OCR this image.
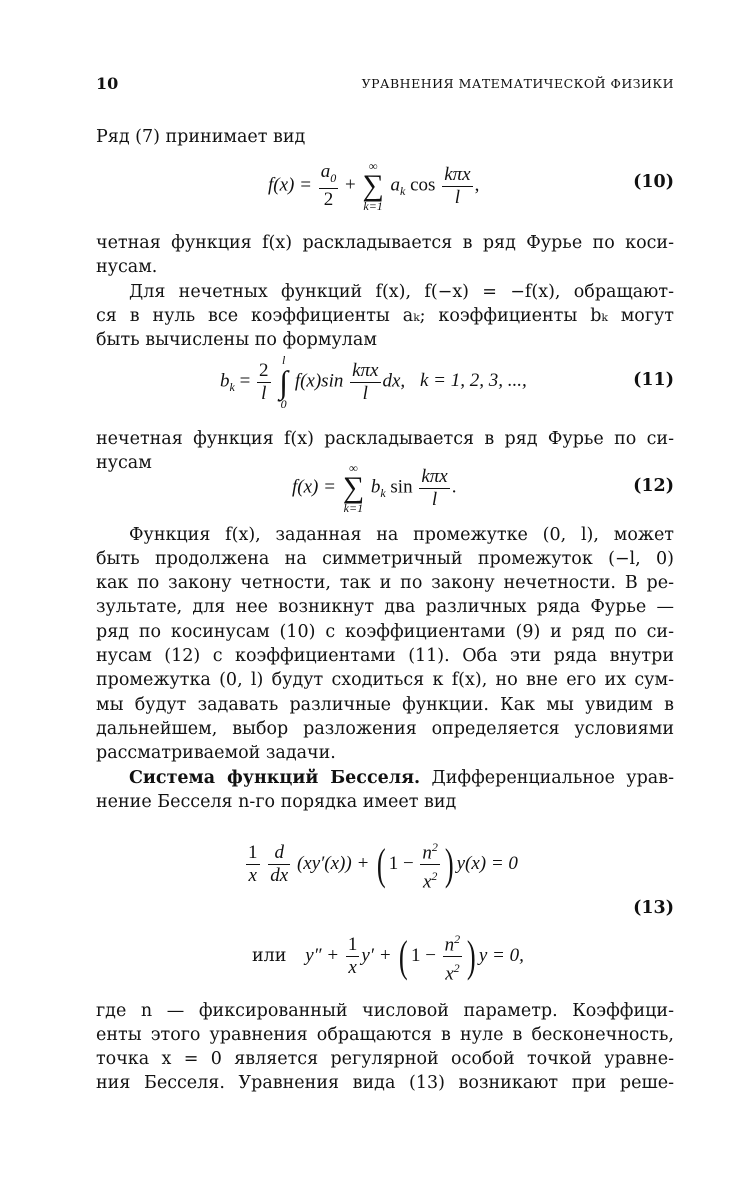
10	УРАВНЕНИЯ МАТЕМАТИЧЕСКОЙ ФИЗИКИ
Ряд (7) принимает вид
$f(x) = \frac{a_0}{2}$ +
∞
∑
k=1
$a_k$ $\cos \frac{\text{kπx}}{l}$ ,	(10)
четная функция f(x) раскладывается в ряд Фурье по коси-
нусам.
Для нечетных функций f(x), f(−x) = −f(x), обращают-
ся в нуль все коэффициенты aₖ; коэффициенты bₖ могут
быть вычислены по формулам
$b_k = \frac{2}{l}$
l
∫
0
$f(x)\sin \frac{\text{kπx}}{l}$ dx, k = 1, 2, 3, ...,	(11)
нечетная функция f(x) раскладывается в ряд Фурье по си-
нусам
f(x) =
∞
∑
k=1
$b_k$ $\sin \frac{\text{kπx}}{l}$ .	(12)
Функция f(x), заданная на промежутке (0, l), может
быть продолжена на симметричный промежуток (−l, 0)
как по закону четности, так и по закону нечетности. В ре-
зультате, для нее возникнут два различных ряда Фурье —
ряд по косинусам (10) с коэффициентами (9) и ряд по си-
нусам (12) с коэффициентами (11). Оба эти ряда внутри
промежутка (0, l) будут сходиться к f(x), но вне его их сум-
мы будут задавать различные функции. Как мы увидим в
дальнейшем, выбор разложения определяется условиями
рассматриваемой задачи.
Система функций Бесселя. Дифференциальное урав-
нение Бесселя n-го порядка имеет вид
$\frac{1}{x}$
$\frac{d}{dx} (xy'(x))$ + ( $1 - \frac{n^2}{x^2}$ ) y(x) = 0
(13)
или $y'' + \frac{1}{x} y'$ + ( $1 - \frac{n^2}{x^2}$ ) y = 0,
где n — фиксированный числовой параметр. Коэффици-
енты этого уравнения обращаются в нуле в бесконечность,
точка x = 0 является регулярной особой точкой уравне-
ния Бесселя. Уравнения вида (13) возникают при реше-
